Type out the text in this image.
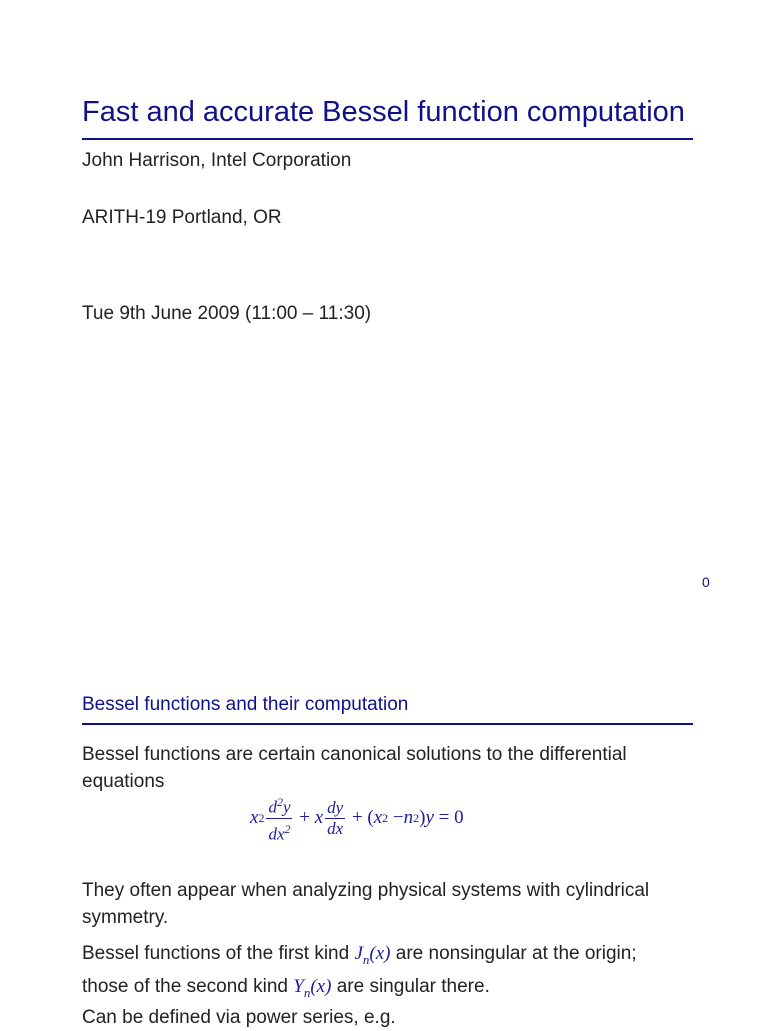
Fast and accurate Bessel function computation
John Harrison, Intel Corporation
ARITH-19 Portland, OR
Tue 9th June 2009 (11:00 – 11:30)
0
Bessel functions and their computation
Bessel functions are certain canonical solutions to the differential equations
x $2 \frac{d^2y}{dx^2} + x \frac{dy}{dx}$ + ( x 2 − n 2 ) y = 0
They often appear when analyzing physical systems with cylindrical symmetry.
Bessel functions of the first kind $J_n(x)$ are nonsingular at the origin;
those of the second kind $Y_n(x)$ are singular there.
Can be defined via power series, e.g.
